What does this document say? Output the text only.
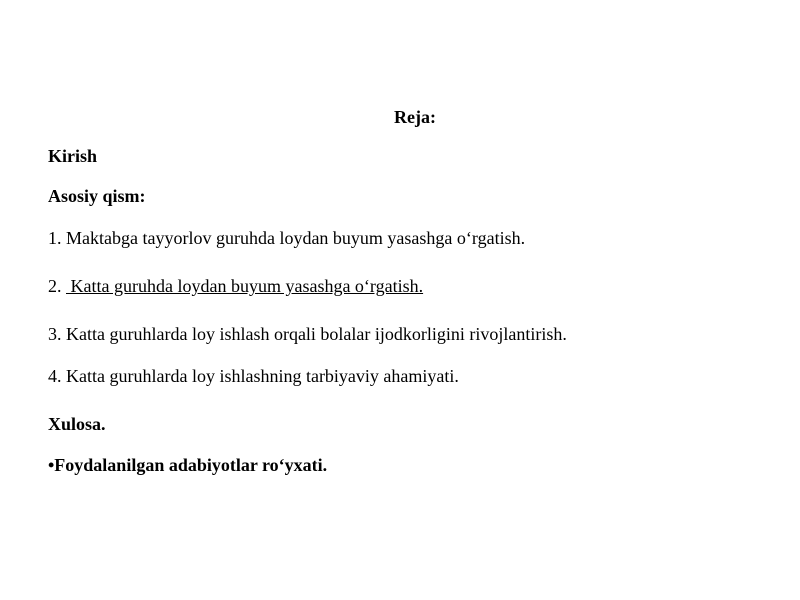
Reja:
Kirish
Asosiy qism:
1. Maktabga tayyorlov guruhda loydan buyum yasashga o‘rgatish.
2.  Katta guruhda loydan buyum yasashga o‘rgatish.
3. Katta guruhlarda loy ishlash orqali bolalar ijodkorligini rivojlantirish.
4. Katta guruhlarda loy ishlashning tarbiyaviy ahamiyati.
Xulosa.
•Foydalanilgan adabiyotlar ro‘yxati.
